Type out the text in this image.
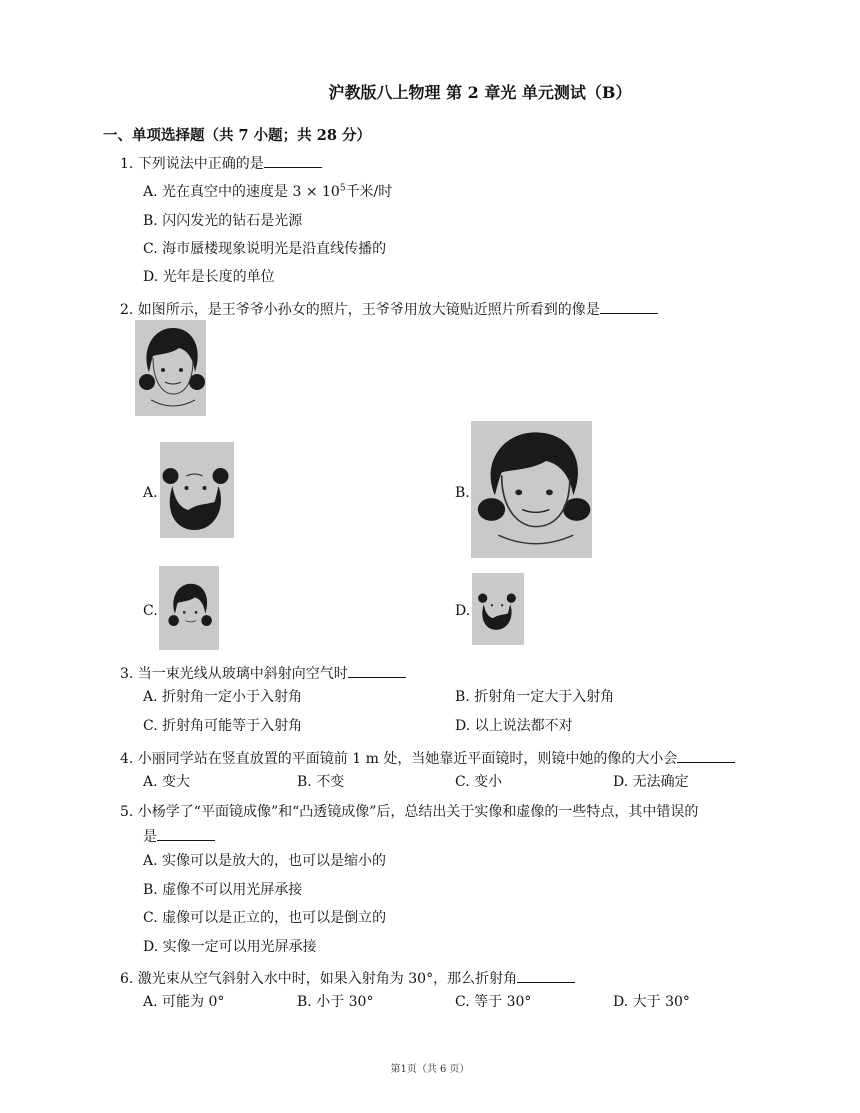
沪教版八上物理 第 2 章光 单元测试（B）
一、单项选择题（共 7 小题；共 28 分）
1. 下列说法中正确的是
A. 光在真空中的速度是 $3 \times 10^5$千米/时
B. 闪闪发光的钻石是光源
C. 海市蜃楼现象说明光是沿直线传播的
D. 光年是长度的单位
2. 如图所示，是王爷爷小孙女的照片，王爷爷用放大镜贴近照片所看到的像是
A.	B.
C.	D.
3. 当一束光线从玻璃中斜射向空气时
A. 折射角一定小于入射角	B. 折射角一定大于入射角
C. 折射角可能等于入射角	D. 以上说法都不对
4. 小丽同学站在竖直放置的平面镜前 1 m 处，当她靠近平面镜时，则镜中她的像的大小会
A. 变大	B. 不变	C. 变小	D. 无法确定
5. 小杨学了“平面镜成像”和“凸透镜成像”后，总结出关于实像和虚像的一些特点，其中错误的
是
A. 实像可以是放大的，也可以是缩小的
B. 虚像不可以用光屏承接
C. 虚像可以是正立的，也可以是倒立的
D. 实像一定可以用光屏承接
6. 激光束从空气斜射入水中时，如果入射角为 30°，那么折射角
A. 可能为 0°	B. 小于 30°	C. 等于 30°	D. 大于 30°
第1页（共 6 页）
